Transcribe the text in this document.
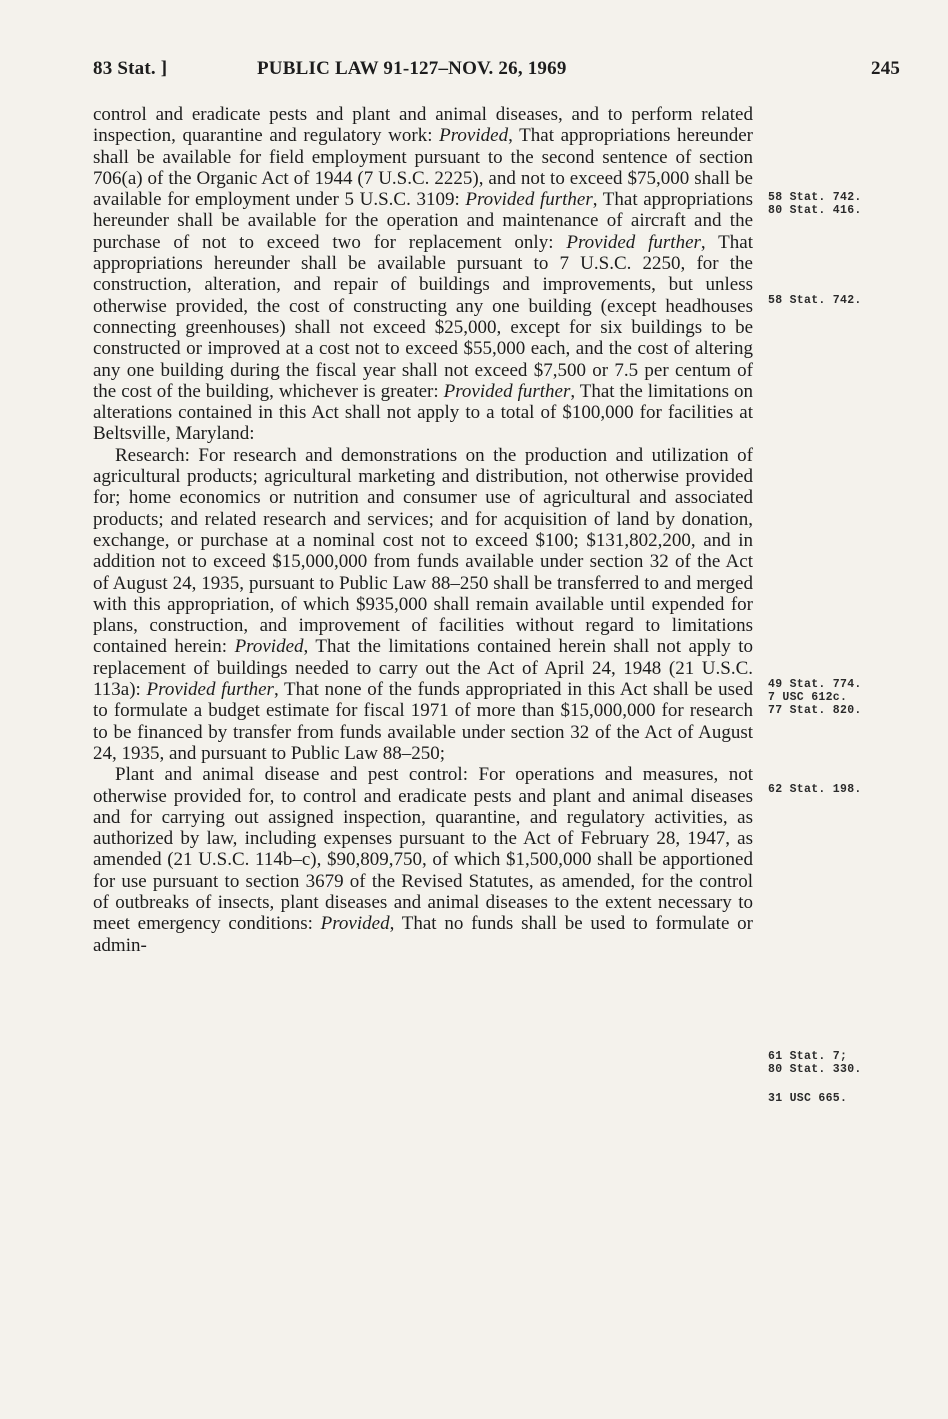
83 Stat. ]	PUBLIC LAW 91-127–NOV. 26, 1969	245

control and eradicate pests and plant and animal diseases, and to perform related inspection, quarantine and regulatory work: Provided, That appropriations hereunder shall be available for field employment pursuant to the second sentence of section 706(a) of the Organic Act of 1944 (7 U.S.C. 2225), and not to exceed $75,000 shall be available for employment under 5 U.S.C. 3109: Provided further, That appropriations hereunder shall be available for the operation and maintenance of aircraft and the purchase of not to exceed two for replacement only: Provided further, That appropriations hereunder shall be available pursuant to 7 U.S.C. 2250, for the construction, alteration, and repair of buildings and improvements, but unless otherwise provided, the cost of constructing any one building (except headhouses connecting greenhouses) shall not exceed $25,000, except for six buildings to be constructed or improved at a cost not to exceed $55,000 each, and the cost of altering any one building during the fiscal year shall not exceed $7,500 or 7.5 per centum of the cost of the building, whichever is greater: Provided further, That the limitations on alterations contained in this Act shall not apply to a total of $100,000 for facilities at Beltsville, Maryland:

Research: For research and demonstrations on the production and utilization of agricultural products; agricultural marketing and distribution, not otherwise provided for; home economics or nutrition and consumer use of agricultural and associated products; and related research and services; and for acquisition of land by donation, exchange, or purchase at a nominal cost not to exceed $100; $131,802,200, and in addition not to exceed $15,000,000 from funds available under section 32 of the Act of August 24, 1935, pursuant to Public Law 88–250 shall be transferred to and merged with this appropriation, of which $935,000 shall remain available until expended for plans, construction, and improvement of facilities without regard to limitations contained herein: Provided, That the limitations contained herein shall not apply to replacement of buildings needed to carry out the Act of April 24, 1948 (21 U.S.C. 113a): Provided further, That none of the funds appropriated in this Act shall be used to formulate a budget estimate for fiscal 1971 of more than $15,000,000 for research to be financed by transfer from funds available under section 32 of the Act of August 24, 1935, and pursuant to Public Law 88–250;

Plant and animal disease and pest control: For operations and measures, not otherwise provided for, to control and eradicate pests and plant and animal diseases and for carrying out assigned inspection, quarantine, and regulatory activities, as authorized by law, including expenses pursuant to the Act of February 28, 1947, as amended (21 U.S.C. 114b–c), $90,809,750, of which $1,500,000 shall be apportioned for use pursuant to section 3679 of the Revised Statutes, as amended, for the control of outbreaks of insects, plant diseases and animal diseases to the extent necessary to meet emergency conditions: Provided, That no funds shall be used to formulate or admin-

58 Stat. 742.
80 Stat. 416.
58 Stat. 742.
49 Stat. 774.
7 USC 612c.
77 Stat. 820.
62 Stat. 198.
61 Stat. 7;
80 Stat. 330.
31 USC 665.
